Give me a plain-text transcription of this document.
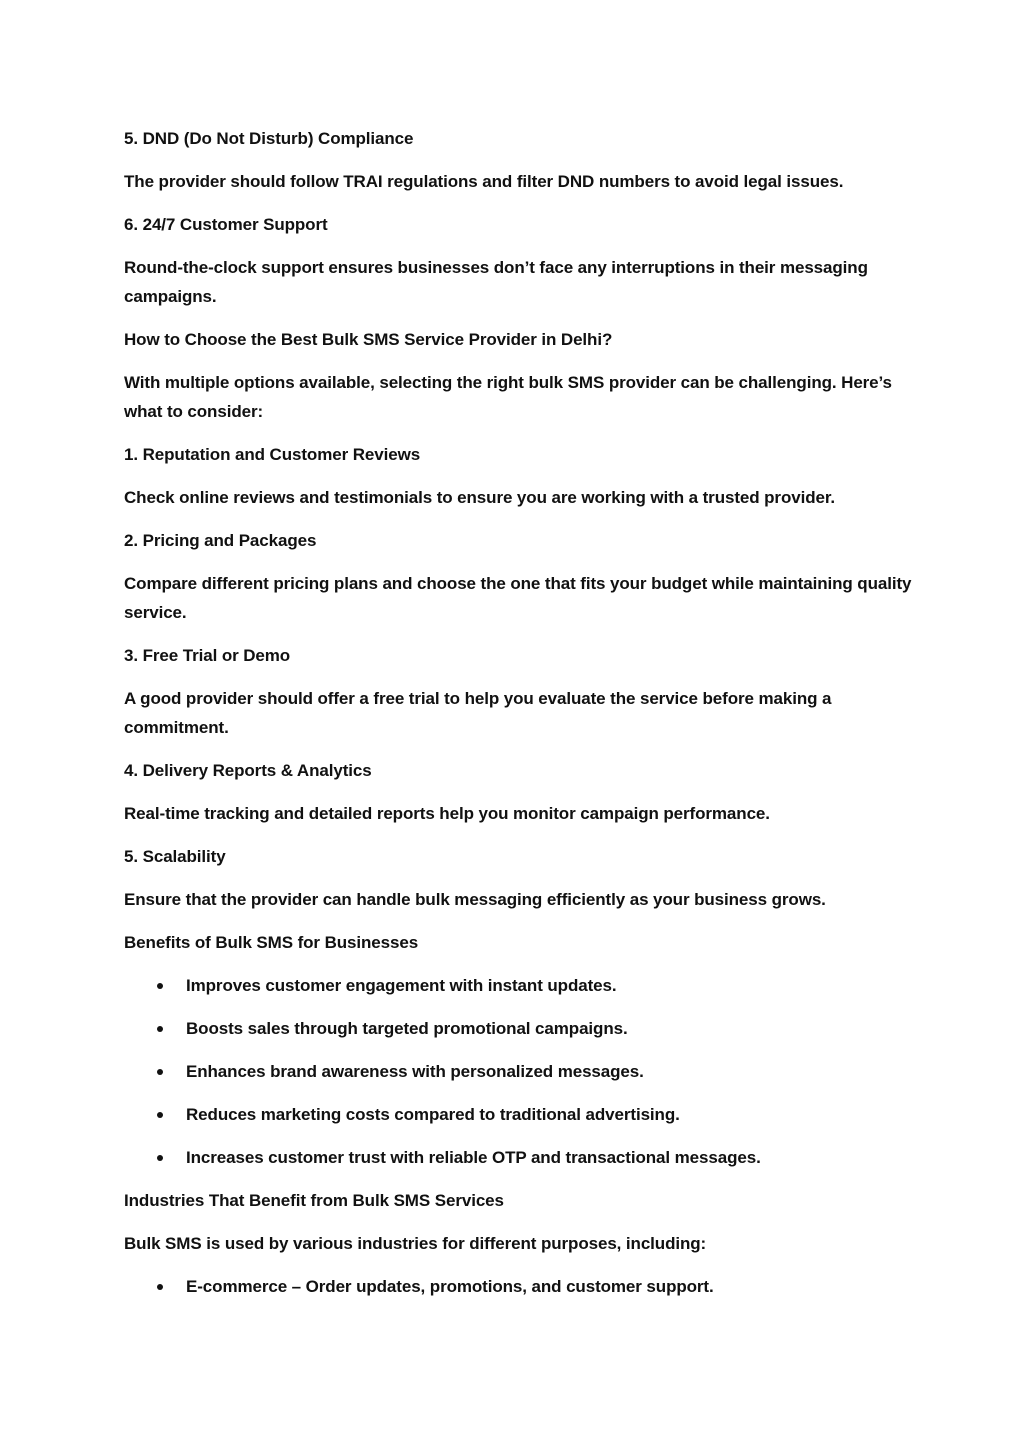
5. DND (Do Not Disturb) Compliance

The provider should follow TRAI regulations and filter DND numbers to avoid legal issues.

6. 24/7 Customer Support

Round-the-clock support ensures businesses don’t face any interruptions in their messaging campaigns.

How to Choose the Best Bulk SMS Service Provider in Delhi?

With multiple options available, selecting the right bulk SMS provider can be challenging. Here’s what to consider:

1. Reputation and Customer Reviews

Check online reviews and testimonials to ensure you are working with a trusted provider.

2. Pricing and Packages

Compare different pricing plans and choose the one that fits your budget while maintaining quality service.

3. Free Trial or Demo

A good provider should offer a free trial to help you evaluate the service before making a commitment.

4. Delivery Reports & Analytics

Real-time tracking and detailed reports help you monitor campaign performance.

5. Scalability

Ensure that the provider can handle bulk messaging efficiently as your business grows.

Benefits of Bulk SMS for Businesses

Improves customer engagement with instant updates.
Boosts sales through targeted promotional campaigns.
Enhances brand awareness with personalized messages.
Reduces marketing costs compared to traditional advertising.
Increases customer trust with reliable OTP and transactional messages.

Industries That Benefit from Bulk SMS Services

Bulk SMS is used by various industries for different purposes, including:

E-commerce – Order updates, promotions, and customer support.
